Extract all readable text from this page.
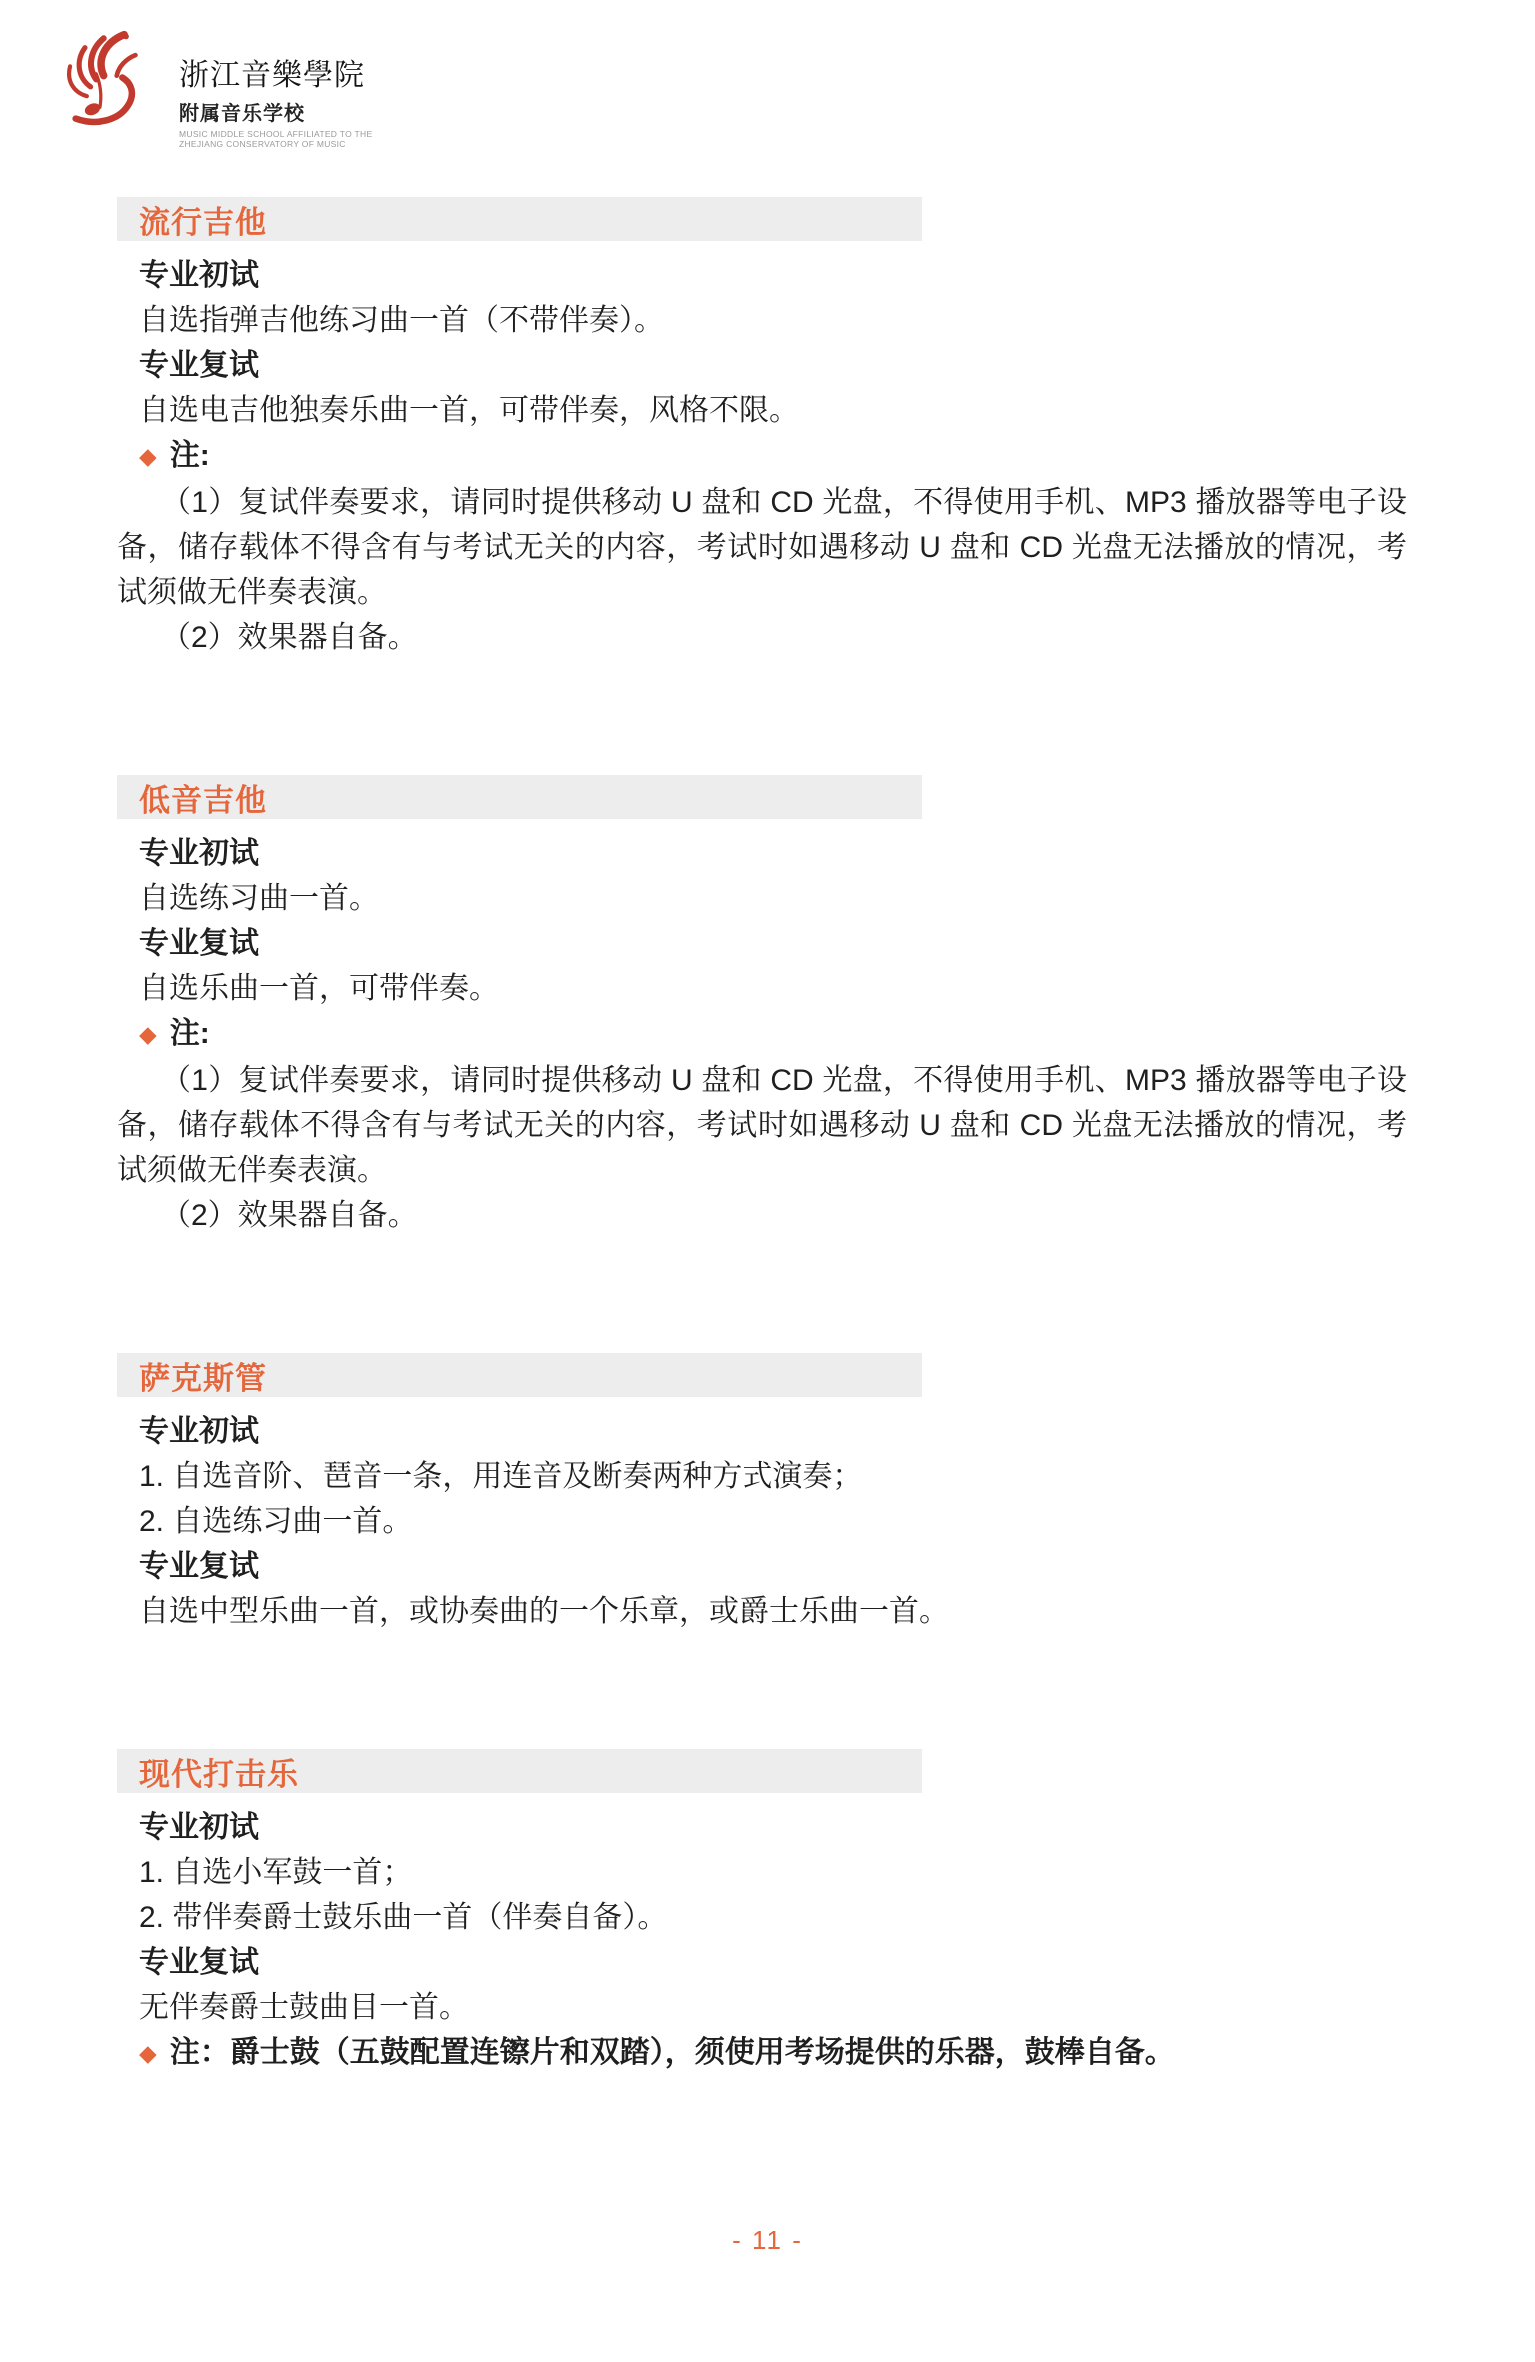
浙江音樂學院
附属音乐学校
MUSIC MIDDLE SCHOOL AFFILIATED TO THE
ZHEJIANG CONSERVATORY OF MUSIC
流行吉他

专业初试

自选指弹吉他练习曲一首（不带伴奏）。

专业复试

自选电吉他独奏乐曲一首，可带伴奏，风格不限。

◆ 注:

（1）复试伴奏要求，请同时提供移动 U 盘和 CD 光盘，不得使用手机、MP3 播放器等电子设备，储存载体不得含有与考试无关的内容，考试时如遇移动 U 盘和 CD 光盘无法播放的情况，考试须做无伴奏表演。

（2）效果器自备。

低音吉他

专业初试

自选练习曲一首。

专业复试

自选乐曲一首，可带伴奏。

◆ 注:

（1）复试伴奏要求，请同时提供移动 U 盘和 CD 光盘，不得使用手机、MP3 播放器等电子设备，储存载体不得含有与考试无关的内容，考试时如遇移动 U 盘和 CD 光盘无法播放的情况，考试须做无伴奏表演。

（2）效果器自备。

萨克斯管

专业初试

1. 自选音阶、琶音一条，用连音及断奏两种方式演奏；

2. 自选练习曲一首。

专业复试

自选中型乐曲一首，或协奏曲的一个乐章，或爵士乐曲一首。

现代打击乐

专业初试

1. 自选小军鼓一首；

2. 带伴奏爵士鼓乐曲一首（伴奏自备）。

专业复试

无伴奏爵士鼓曲目一首。

◆ 注：爵士鼓（五鼓配置连镲片和双踏），须使用考场提供的乐器，鼓棒自备。

- 11 -
